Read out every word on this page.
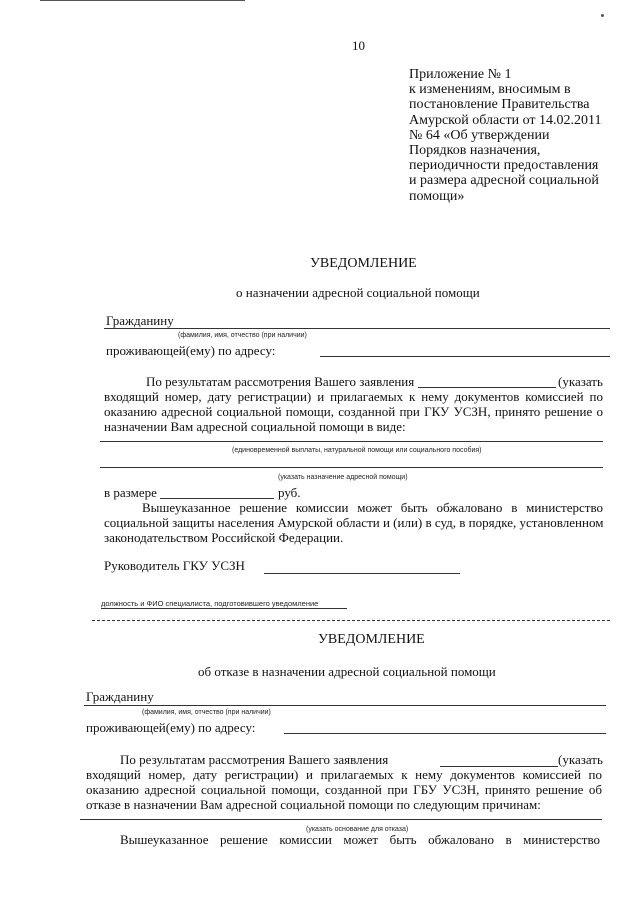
10
Приложение № 1
к изменениям, вносимым в
постановление Правительства
Амурской области от 14.02.2011
№ 64 «Об утверждении
Порядков назначения,
периодичности предоставления
и размера адресной социальной
помощи»
УВЕДОМЛЕНИЕ
о назначении адресной социальной помощи
Гражданину
(фамилия, имя, отчество (при наличии)
проживающей(ему) по адресу:
По результатам рассмотрения Вашего заявления	(указать
входящий номер, дату регистрации) и прилагаемых к нему документов комиссией по
оказанию адресной социальной помощи, созданной при ГКУ УСЗН, принято решение о
назначении Вам адресной социальной помощи в виде:
(единовременной выплаты, натуральной помощи или социального пособия)
(указать назначение адресной помощи)
в размере	руб.
Вышеуказанное решение комиссии может быть обжаловано в министерство
социальной защиты населения Амурской области и (или) в суд, в порядке, установленном
законодательством Российской Федерации.
Руководитель ГКУ УСЗН
должность и ФИО специалиста, подготовившего уведомление
УВЕДОМЛЕНИЕ
об отказе в назначении адресной социальной помощи
Гражданину
(фамилия, имя, отчество (при наличии)
проживающей(ему) по адресу:
По результатам рассмотрения Вашего заявления	(указать
входящий номер, дату регистрации) и прилагаемых к нему документов комиссией по
оказанию адресной социальной помощи, созданной при ГБУ УСЗН, принято решение об
отказе в назначении Вам адресной социальной помощи по следующим причинам:
(указать основание для отказа)
Вышеуказанное решение комиссии может быть обжаловано в министерство
